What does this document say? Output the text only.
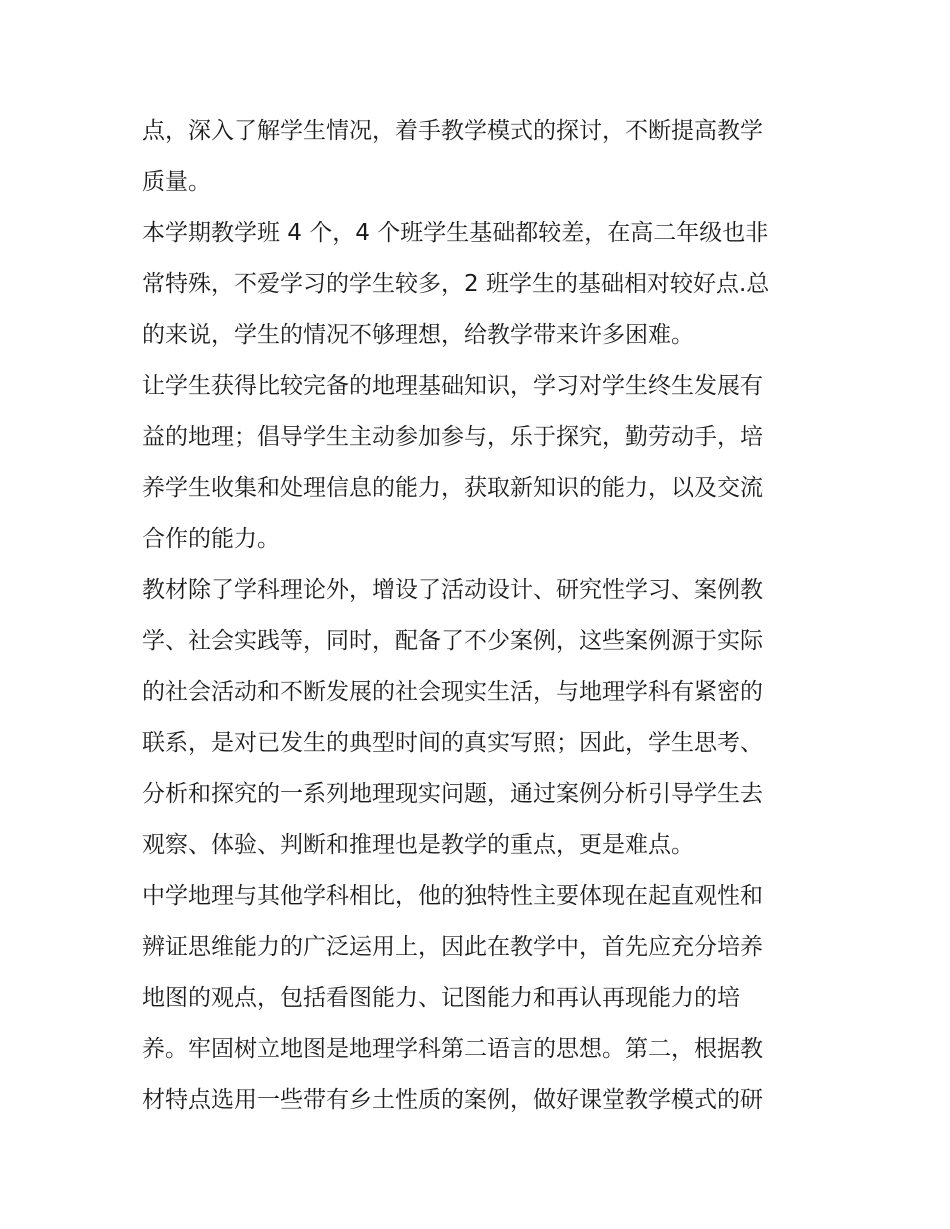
点，深入了解学生情况，着手教学模式的探讨，不断提高教学
质量。
本学期教学班 4 个，4 个班学生基础都较差，在高二年级也非
常特殊，不爱学习的学生较多，2 班学生的基础相对较好点.总
的来说，学生的情况不够理想，给教学带来许多困难。
让学生获得比较完备的地理基础知识，学习对学生终生发展有
益的地理；倡导学生主动参加参与，乐于探究，勤劳动手，培
养学生收集和处理信息的能力，获取新知识的能力，以及交流
合作的能力。
教材除了学科理论外，增设了活动设计、研究性学习、案例教
学、社会实践等，同时，配备了不少案例，这些案例源于实际
的社会活动和不断发展的社会现实生活，与地理学科有紧密的
联系，是对已发生的典型时间的真实写照；因此，学生思考、
分析和探究的一系列地理现实问题，通过案例分析引导学生去
观察、体验、判断和推理也是教学的重点，更是难点。
中学地理与其他学科相比，他的独特性主要体现在起直观性和
辨证思维能力的广泛运用上，因此在教学中，首先应充分培养
地图的观点，包括看图能力、记图能力和再认再现能力的培
养。牢固树立地图是地理学科第二语言的思想。第二，根据教
材特点选用一些带有乡土性质的案例，做好课堂教学模式的研
